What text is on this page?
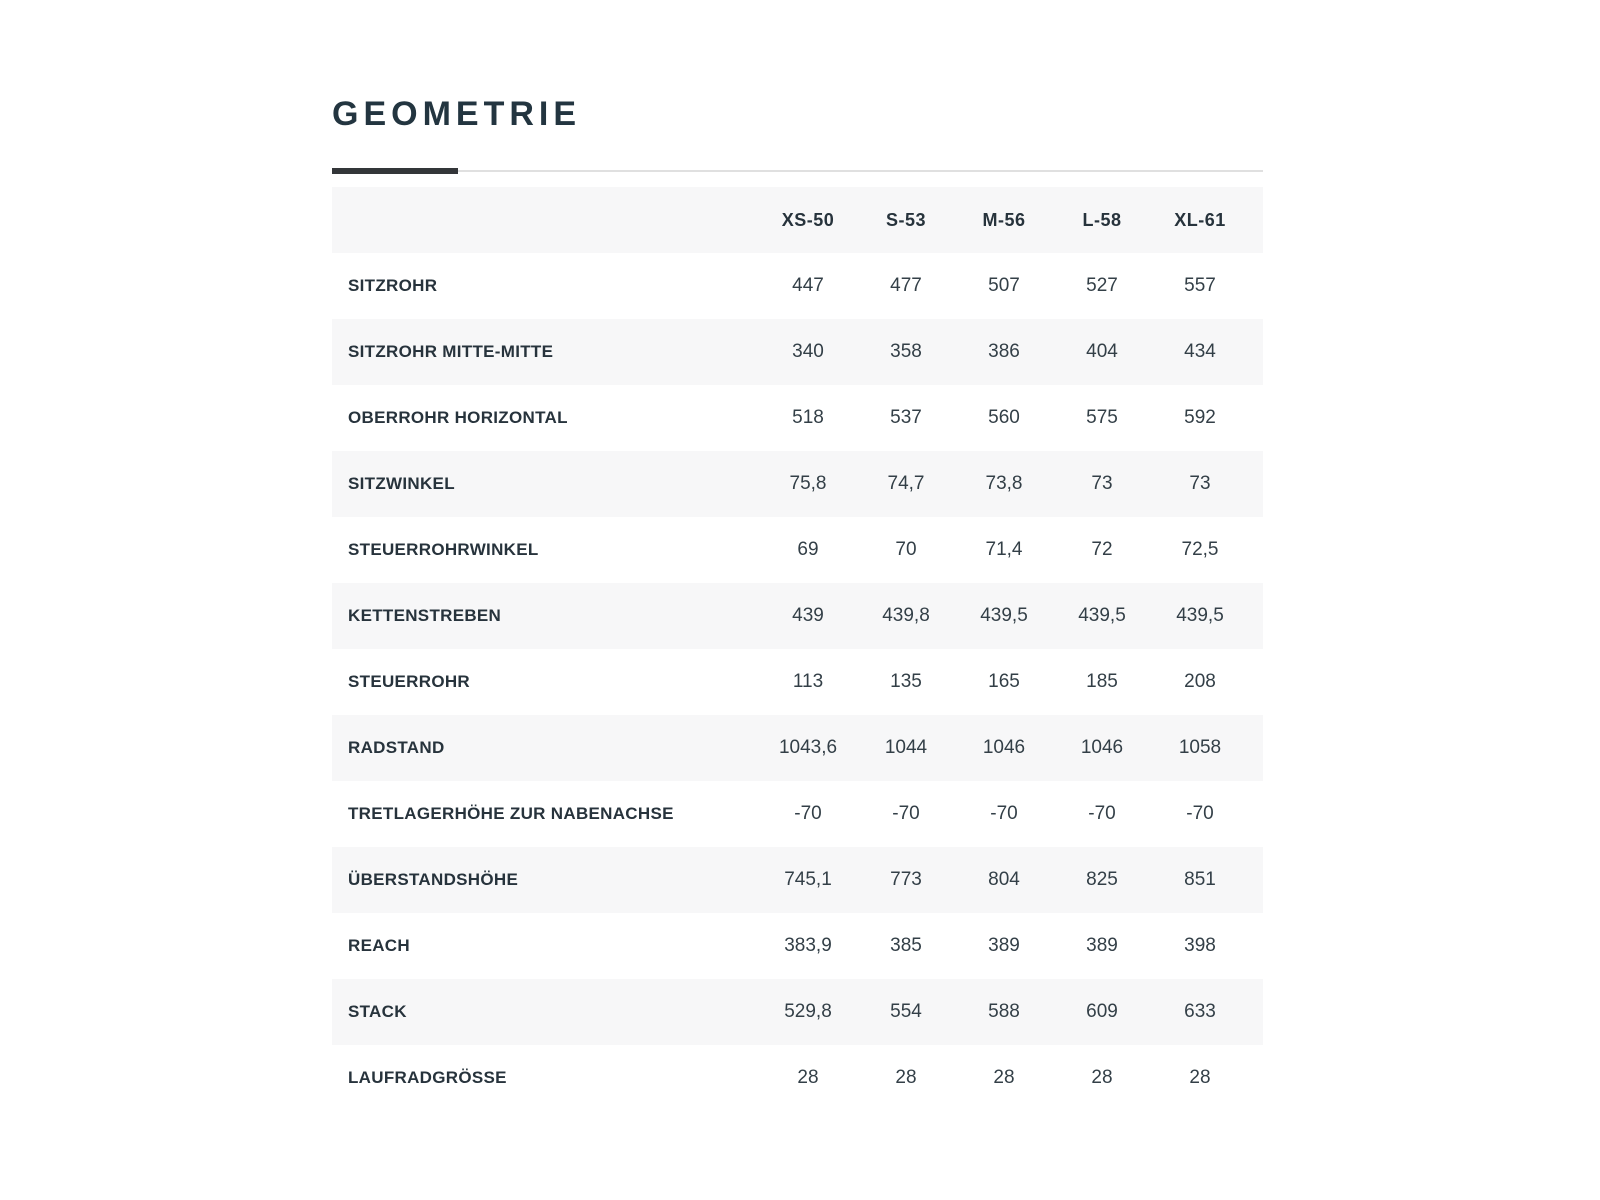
GEOMETRIE
	XS-50	S-53	M-56	L-58	XL-61
SITZROHR	447	477	507	527	557
SITZROHR MITTE-MITTE	340	358	386	404	434
OBERROHR HORIZONTAL	518	537	560	575	592
SITZWINKEL	75,8	74,7	73,8	73	73
STEUERROHRWINKEL	69	70	71,4	72	72,5
KETTENSTREBEN	439	439,8	439,5	439,5	439,5
STEUERROHR	113	135	165	185	208
RADSTAND	1043,6	1044	1046	1046	1058
TRETLAGERHÖHE ZUR NABENACHSE	-70	-70	-70	-70	-70
ÜBERSTANDSHÖHE	745,1	773	804	825	851
REACH	383,9	385	389	389	398
STACK	529,8	554	588	609	633
LAUFRADGRÖSSE	28	28	28	28	28
